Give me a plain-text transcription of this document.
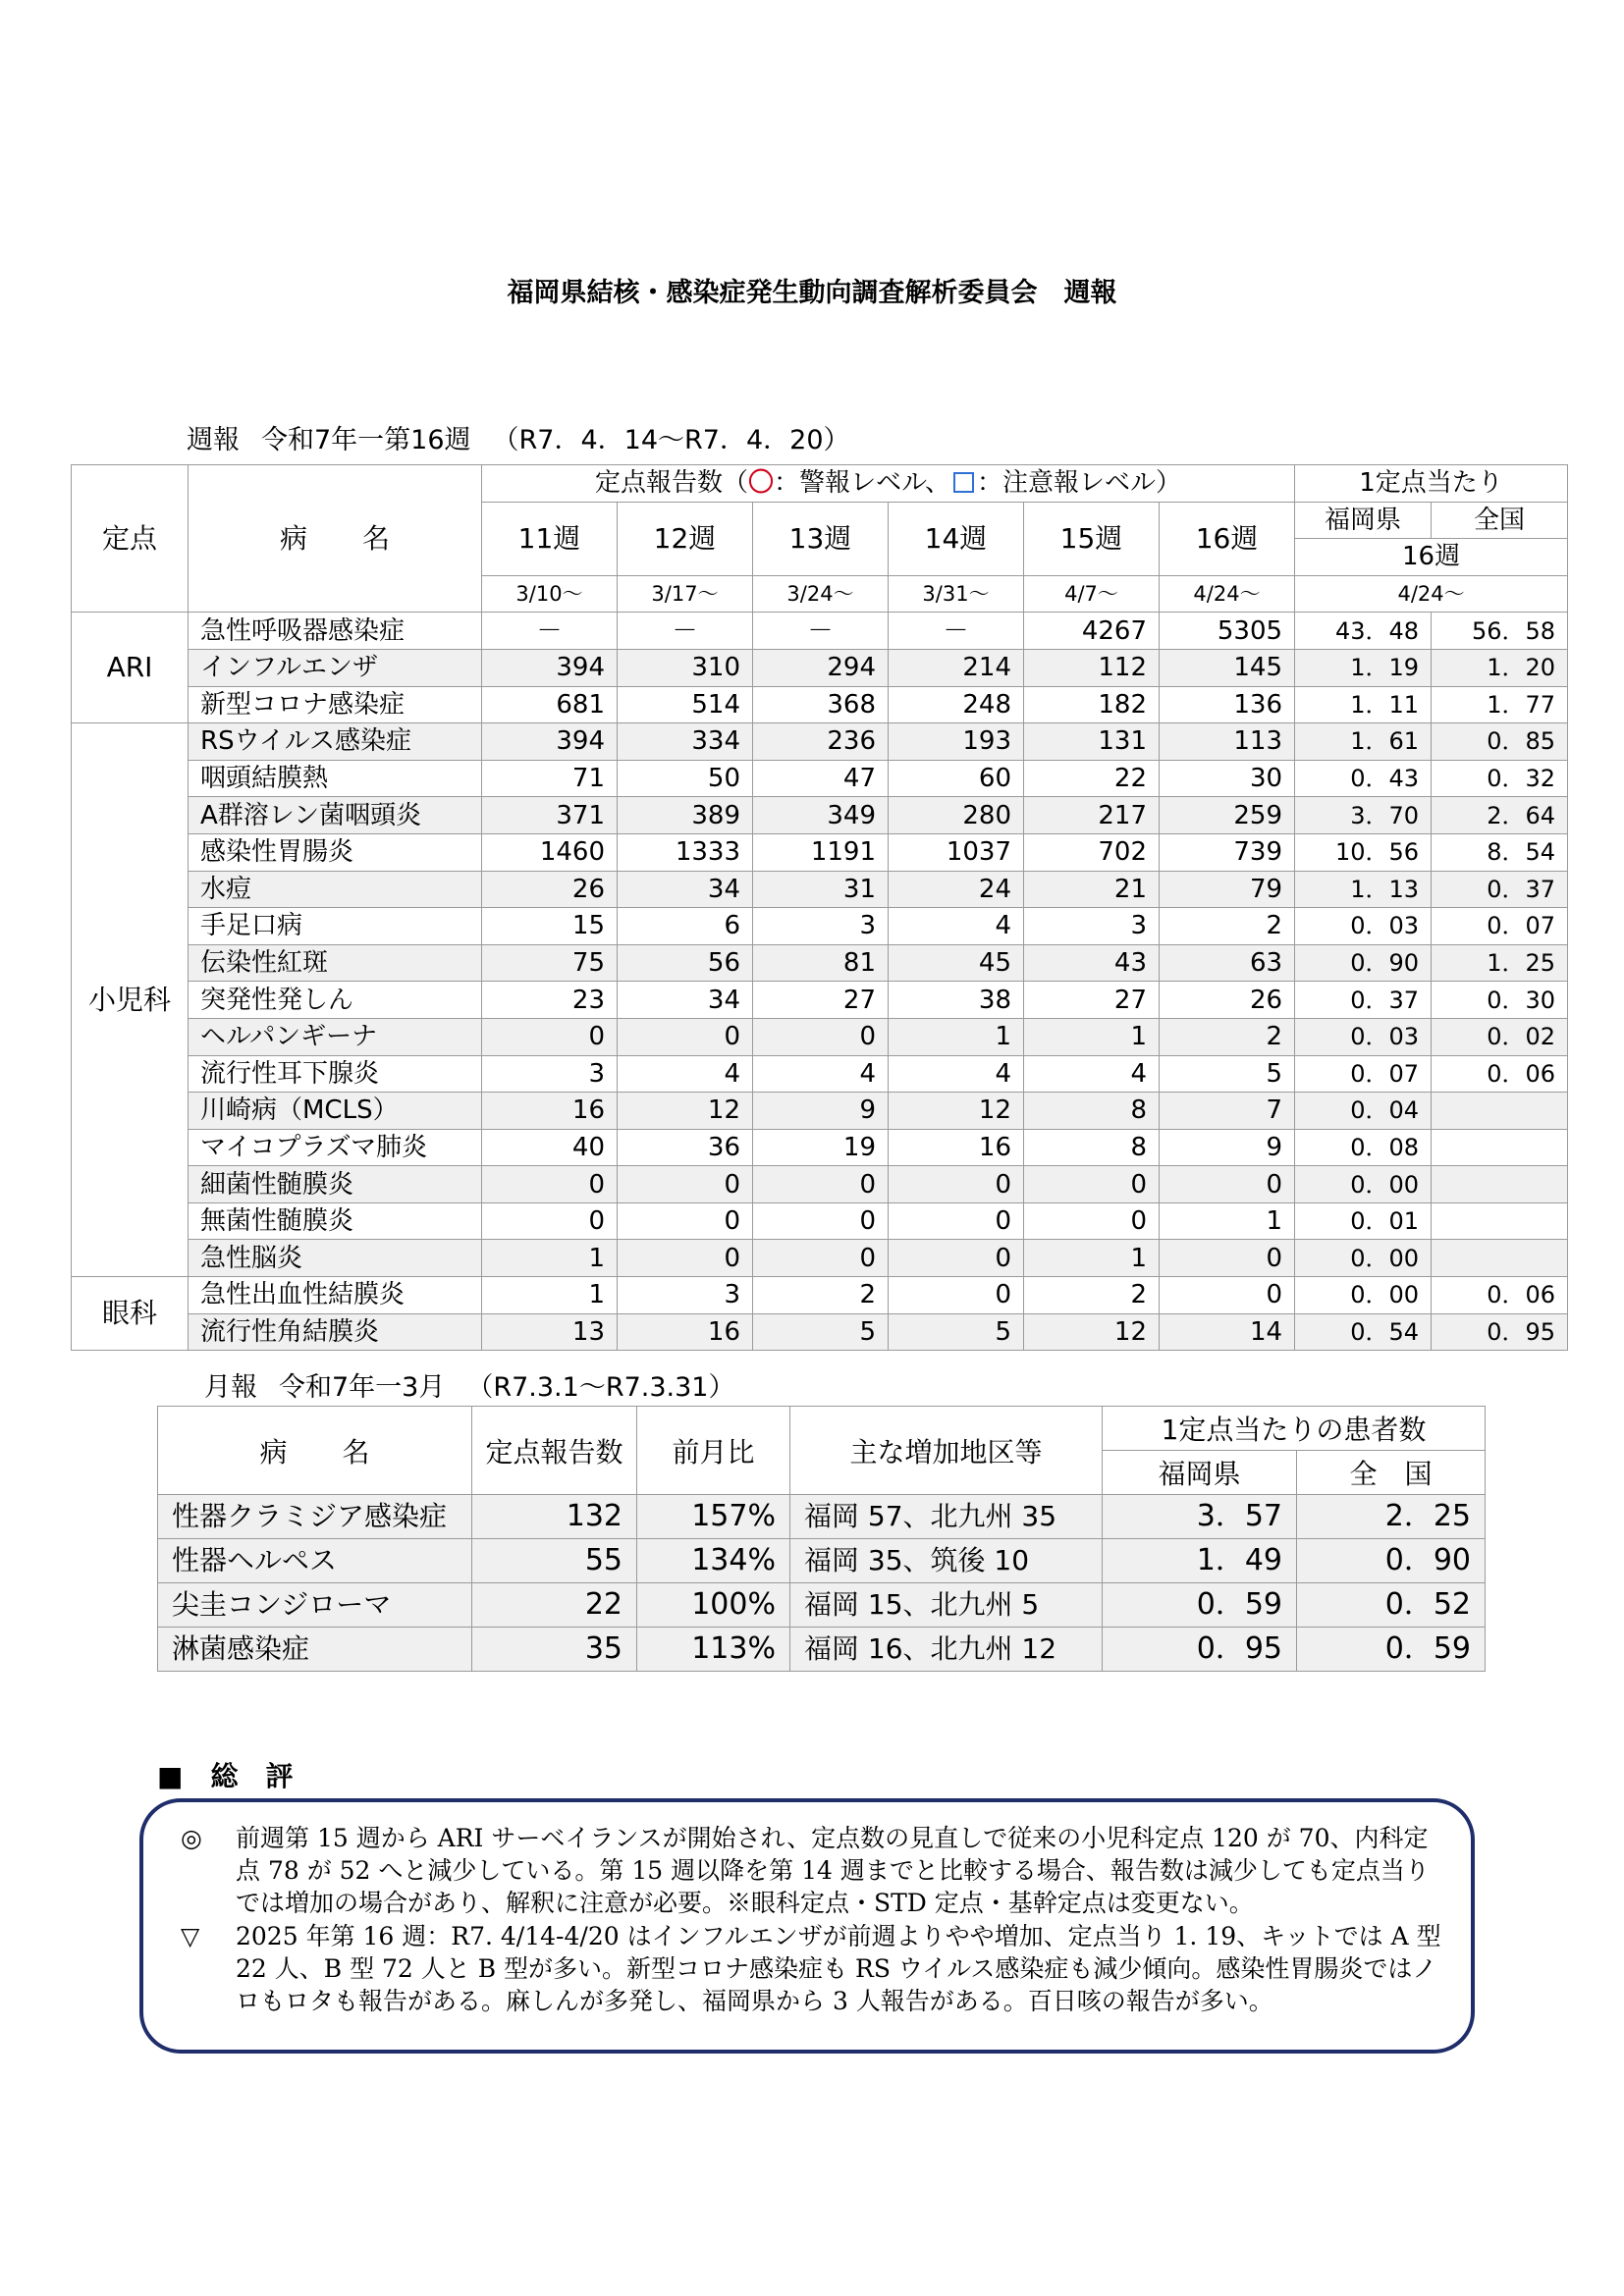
福岡県結核・感染症発生動向調査解析委員会　週報
週報 令和7年一第16週 （R7．4．14～R7．4．20）
定点	病　　名	定点報告数（〇：警報レベル、 ：注意報レベル）						1定点当たり	
		11週	12週	13週	14週	15週	16週	福岡県	全国
								16週	
		3/10～	3/17～	3/24～	3/31～	4/7～	4/24～	4/24～	
ARI	急性呼吸器感染症	－	－	－	－	4267	5305	43．48	56．58
	インフルエンザ	394	310	294	214	112	145	1．19	1．20
	新型コロナ感染症	681	514	368	248	182	136	1．11	1．77
小児科	RSウイルス感染症	394	334	236	193	131	113	1．61	0．85
	咽頭結膜熱	71	50	47	60	22	30	0．43	0．32
	A群溶レン菌咽頭炎	371	389	349	280	217	259	3．70	2．64
	感染性胃腸炎	1460	1333	1191	1037	702	739	10．56	8．54
	水痘	26	34	31	24	21	79	1．13	0．37
	手足口病	15	6	3	4	3	2	0．03	0．07
	伝染性紅斑	75	56	81	45	43	63	0．90	1．25
	突発性発しん	23	34	27	38	27	26	0．37	0．30
	ヘルパンギーナ	0	0	0	1	1	2	0．03	0．02
	流行性耳下腺炎	3	4	4	4	4	5	0．07	0．06
	川崎病（MCLS）	16	12	9	12	8	7	0．04	
	マイコプラズマ肺炎	40	36	19	16	8	9	0．08	
	細菌性髄膜炎	0	0	0	0	0	0	0．00	
	無菌性髄膜炎	0	0	0	0	0	1	0．01	
	急性脳炎	1	0	0	0	1	0	0．00	
眼科	急性出血性結膜炎	1	3	2	0	2	0	0．00	0．06
	流行性角結膜炎	13	16	5	5	12	14	0．54	0．95
月報 令和7年一3月 （R7.3.1～R7.3.31）
病　　名	定点報告数	前月比	主な増加地区等	1定点当たりの患者数	
				福岡県	全　国
性器クラミジア感染症	132	157%	福岡 57、北九州 35	3．57	2．25
性器ヘルペス	55	134%	福岡 35、筑後 10	1．49	0．90
尖圭コンジローマ	22	100%	福岡 15、北九州 5	0．59	0．52
淋菌感染症	35	113%	福岡 16、北九州 12	0．95	0．59
■　総　評
◎ 前週第 15 週から ARI サーベイランスが開始され、定点数の見直しで従来の小児科定点 120 が 70、内科定点 78 が 52 へと減少している。第 15 週以降を第 14 週までと比較する場合、報告数は減少しても定点当りでは増加の場合があり、解釈に注意が必要。※眼科定点・STD 定点・基幹定点は変更ない。
▽ 2025 年第 16 週：R7. 4/14-4/20 はインフルエンザが前週よりやや増加、定点当り 1. 19、キットでは A 型 22 人、B 型 72 人と B 型が多い。新型コロナ感染症も RS ウイルス感染症も減少傾向。感染性胃腸炎ではノロもロタも報告がある。麻しんが多発し、福岡県から 3 人報告がある。百日咳の報告が多い。
